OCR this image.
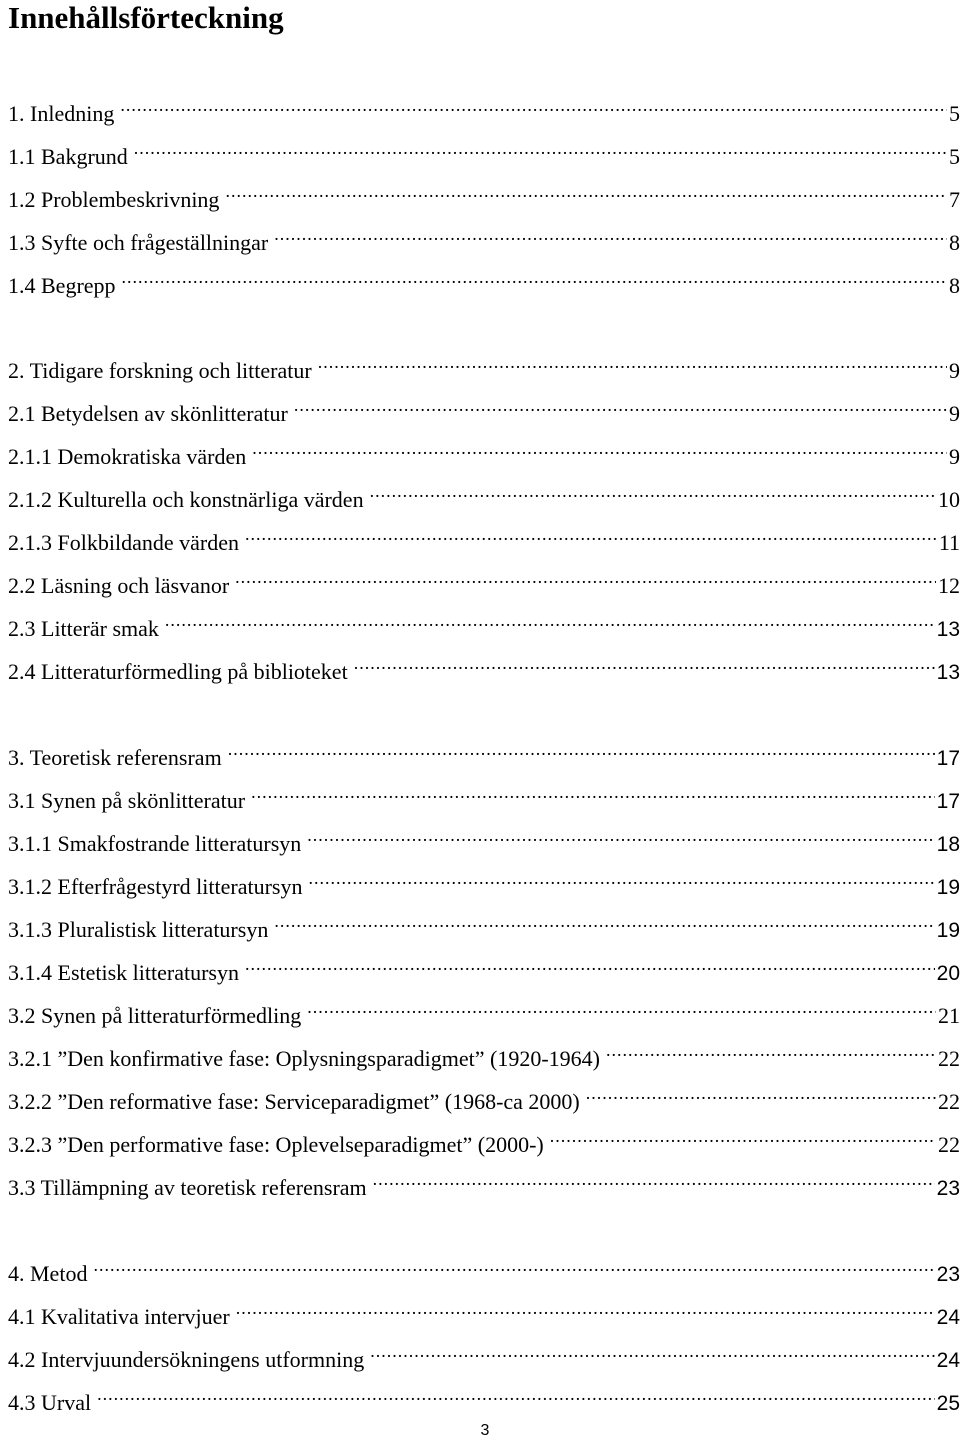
Innehållsförteckning
1. Inledning .....	5
1.1 Bakgrund .....	5
1.2 Problembeskrivning .....	7
1.3 Syfte och frågeställningar .....	8
1.4 Begrepp .....	8
2. Tidigare forskning och litteratur .....	9
2.1 Betydelsen av skönlitteratur .....	9
2.1.1 Demokratiska värden .....	9
2.1.2 Kulturella och konstnärliga värden .....	10
2.1.3 Folkbildande värden .....	11
2.2 Läsning och läsvanor .....	12
2.3 Litterär smak .....	13
2.4 Litteraturförmedling på biblioteket .....	13
3. Teoretisk referensram .....	17
3.1 Synen på skönlitteratur .....	17
3.1.1 Smakfostrande litteratursyn .....	18
3.1.2 Efterfrågestyrd litteratursyn .....	19
3.1.3 Pluralistisk litteratursyn .....	19
3.1.4 Estetisk litteratursyn .....	20
3.2 Synen på litteraturförmedling .....	21
3.2.1 ”Den konfirmative fase: Oplysningsparadigmet” (1920-1964) .....	22
3.2.2 ”Den reformative fase: Serviceparadigmet” (1968-ca 2000) .....	22
3.2.3 ”Den performative fase: Oplevelseparadigmet” (2000-) .....	22
3.3 Tillämpning av teoretisk referensram .....	23
4. Metod .....	23
4.1 Kvalitativa intervjuer .....	24
4.2 Intervjuundersökningens utformning .....	24
4.3 Urval .....	25
3
